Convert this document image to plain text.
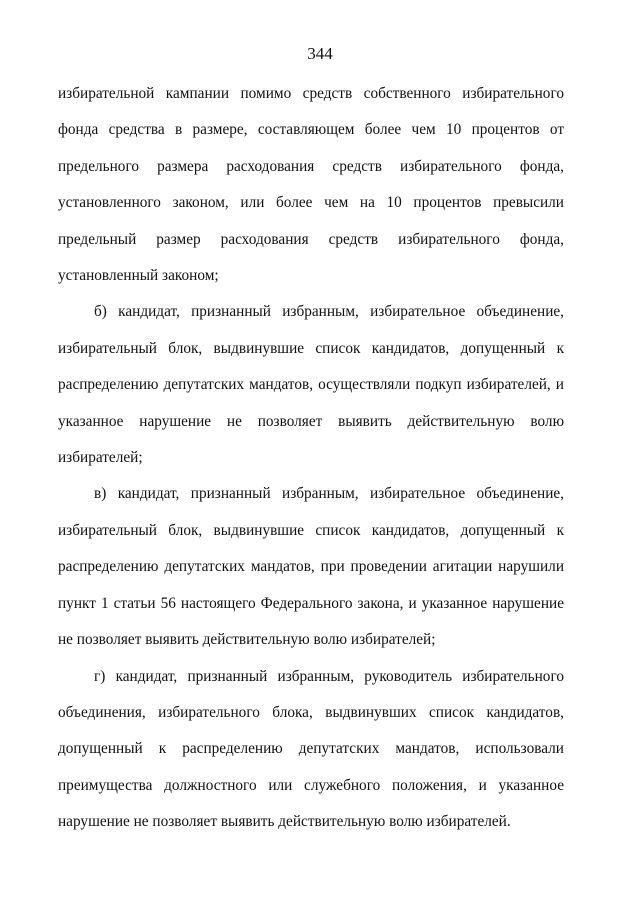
344

избирательной кампании помимо средств собственного избирательного фонда средства в размере, составляющем более чем 10 процентов от предельного размера расходования средств избирательного фонда, установленного законом, или более чем на 10 процентов превысили предельный размер расходования средств избирательного фонда, установленный законом;

б) кандидат, признанный избранным, избирательное объединение, избирательный блок, выдвинувшие список кандидатов, допущенный к распределению депутатских мандатов, осуществляли подкуп избирателей, и указанное нарушение не позволяет выявить действительную волю избирателей;

в) кандидат, признанный избранным, избирательное объединение, избирательный блок, выдвинувшие список кандидатов, допущенный к распределению депутатских мандатов, при проведении агитации нарушили пункт 1 статьи 56 настоящего Федерального закона, и указанное нарушение не позволяет выявить действительную волю избирателей;

г) кандидат, признанный избранным, руководитель избирательного объединения, избирательного блока, выдвинувших список кандидатов, допущенный к распределению депутатских мандатов, использовали преимущества должностного или служебного положения, и указанное нарушение не позволяет выявить действительную волю избирателей.
